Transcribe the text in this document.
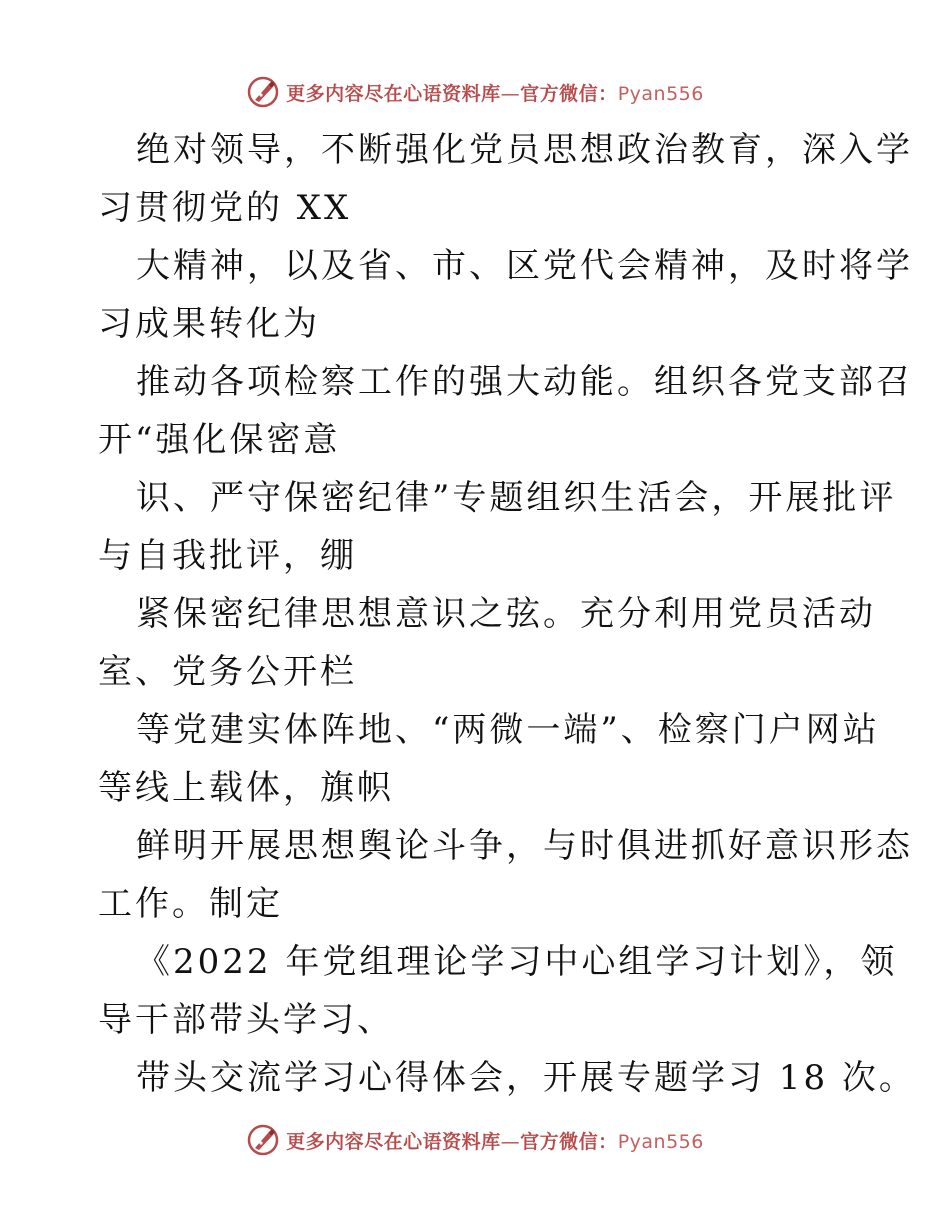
更多内容尽在心语资料库—官方微信：Pyan556
绝对领导，不断强化党员思想政治教育，深入学
习贯彻党的 XX
大精神，以及省、市、区党代会精神，及时将学
习成果转化为
推动各项检察工作的强大动能。组织各党支部召
开“强化保密意
识、严守保密纪律”专题组织生活会，开展批评
与自我批评，绷
紧保密纪律思想意识之弦。充分利用党员活动
室、党务公开栏
等党建实体阵地、“两微一端”、检察门户网站
等线上载体，旗帜
鲜明开展思想舆论斗争，与时俱进抓好意识形态
工作。制定
《2022 年党组理论学习中心组学习计划》，领
导干部带头学习、
带头交流学习心得体会，开展专题学习 18 次。
更多内容尽在心语资料库—官方微信：Pyan556
